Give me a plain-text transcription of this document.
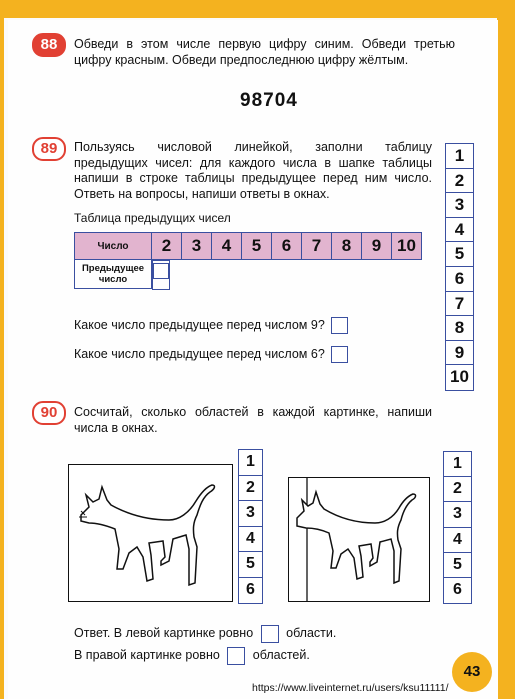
88	Обведи в этом числе первую цифру синим. Обведи третью цифру красным. Обведи предпоследнюю цифру жёлтым.
98704
89	Пользуясь числовой линейкой, заполни таблицу предыдущих чисел: для каждого числа в шапке таблицы напиши в строке таблицы предыдущее перед ним число. Ответь на вопросы, напиши ответы в окнах.
1
2
3
4
5
6
7
8
9
10
Таблица предыдущих чисел
Число	2	3	4	5	6	7	8	9	10
Предыдущее число	
Какое число предыдущее перед числом 9?
Какое число предыдущее перед числом 6?
90	Сосчитай, сколько областей в каждой картинке, напиши числа в окнах.
1
2
3
4
5
6
1
2
3
4
5
6
Ответ. В левой картинке ровно	области.
В правой картинке ровно	областей.
43
https://www.liveinternet.ru/users/ksu11111/
